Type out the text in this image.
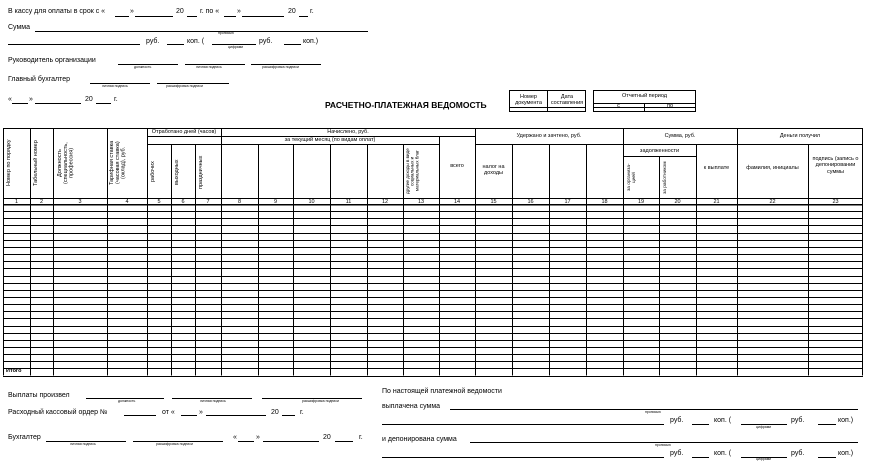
В кассу для оплаты в срок с «	»	20 г. по «	»	20 г.
Сумма
прописью
руб.	коп. (
цифрами
руб.	коп.)
Руководитель организации
должность	личная подпись	расшифровка подписи
Главный бухгалтер
личная подпись	расшифровка подписи
« »	20	г.
РАСЧЕТНО-ПЛАТЕЖНАЯ ВЕДОМОСТЬ
Номер документа
Дата составления
Отчетный период
с	по
Номер по порядку	Табельный номер	Должность (специальность, профессия)	Тарифная ставка (часовая ставка) (оклад), руб.
Отработано дней (часов)
рабочих	выходных	праздничных
Начислено, руб.
за текущий месяц (по видам оплат)
другие доходы в виде социальных и материальных благ	всего
Удержано и зачтено, руб.
налог на доходы
Сумма, руб.
задолженности
за организа-цией	за работником	к выплате
Деньги получил
фамилия, инициалы
подпись (запись о депонировании суммы
1	2	3	4	5	6	7	8	9	10	11	12	13	14	15	16	17	18	19	20	21	22	23
Итого
Выплаты произвел
должность	личная подпись	расшифровка подписи
Расходный кассовый ордер №	от «	»	20	г.
Бухгалтер
личная подпись	расшифровка подписи
«	»	20	г.
По настоящей платежной ведомости
выплачена сумма
прописью
руб.	коп. (
цифрами
руб.	коп.)
и депонирована сумма
прописью
руб.	коп. (
цифрами
руб.	коп.)
